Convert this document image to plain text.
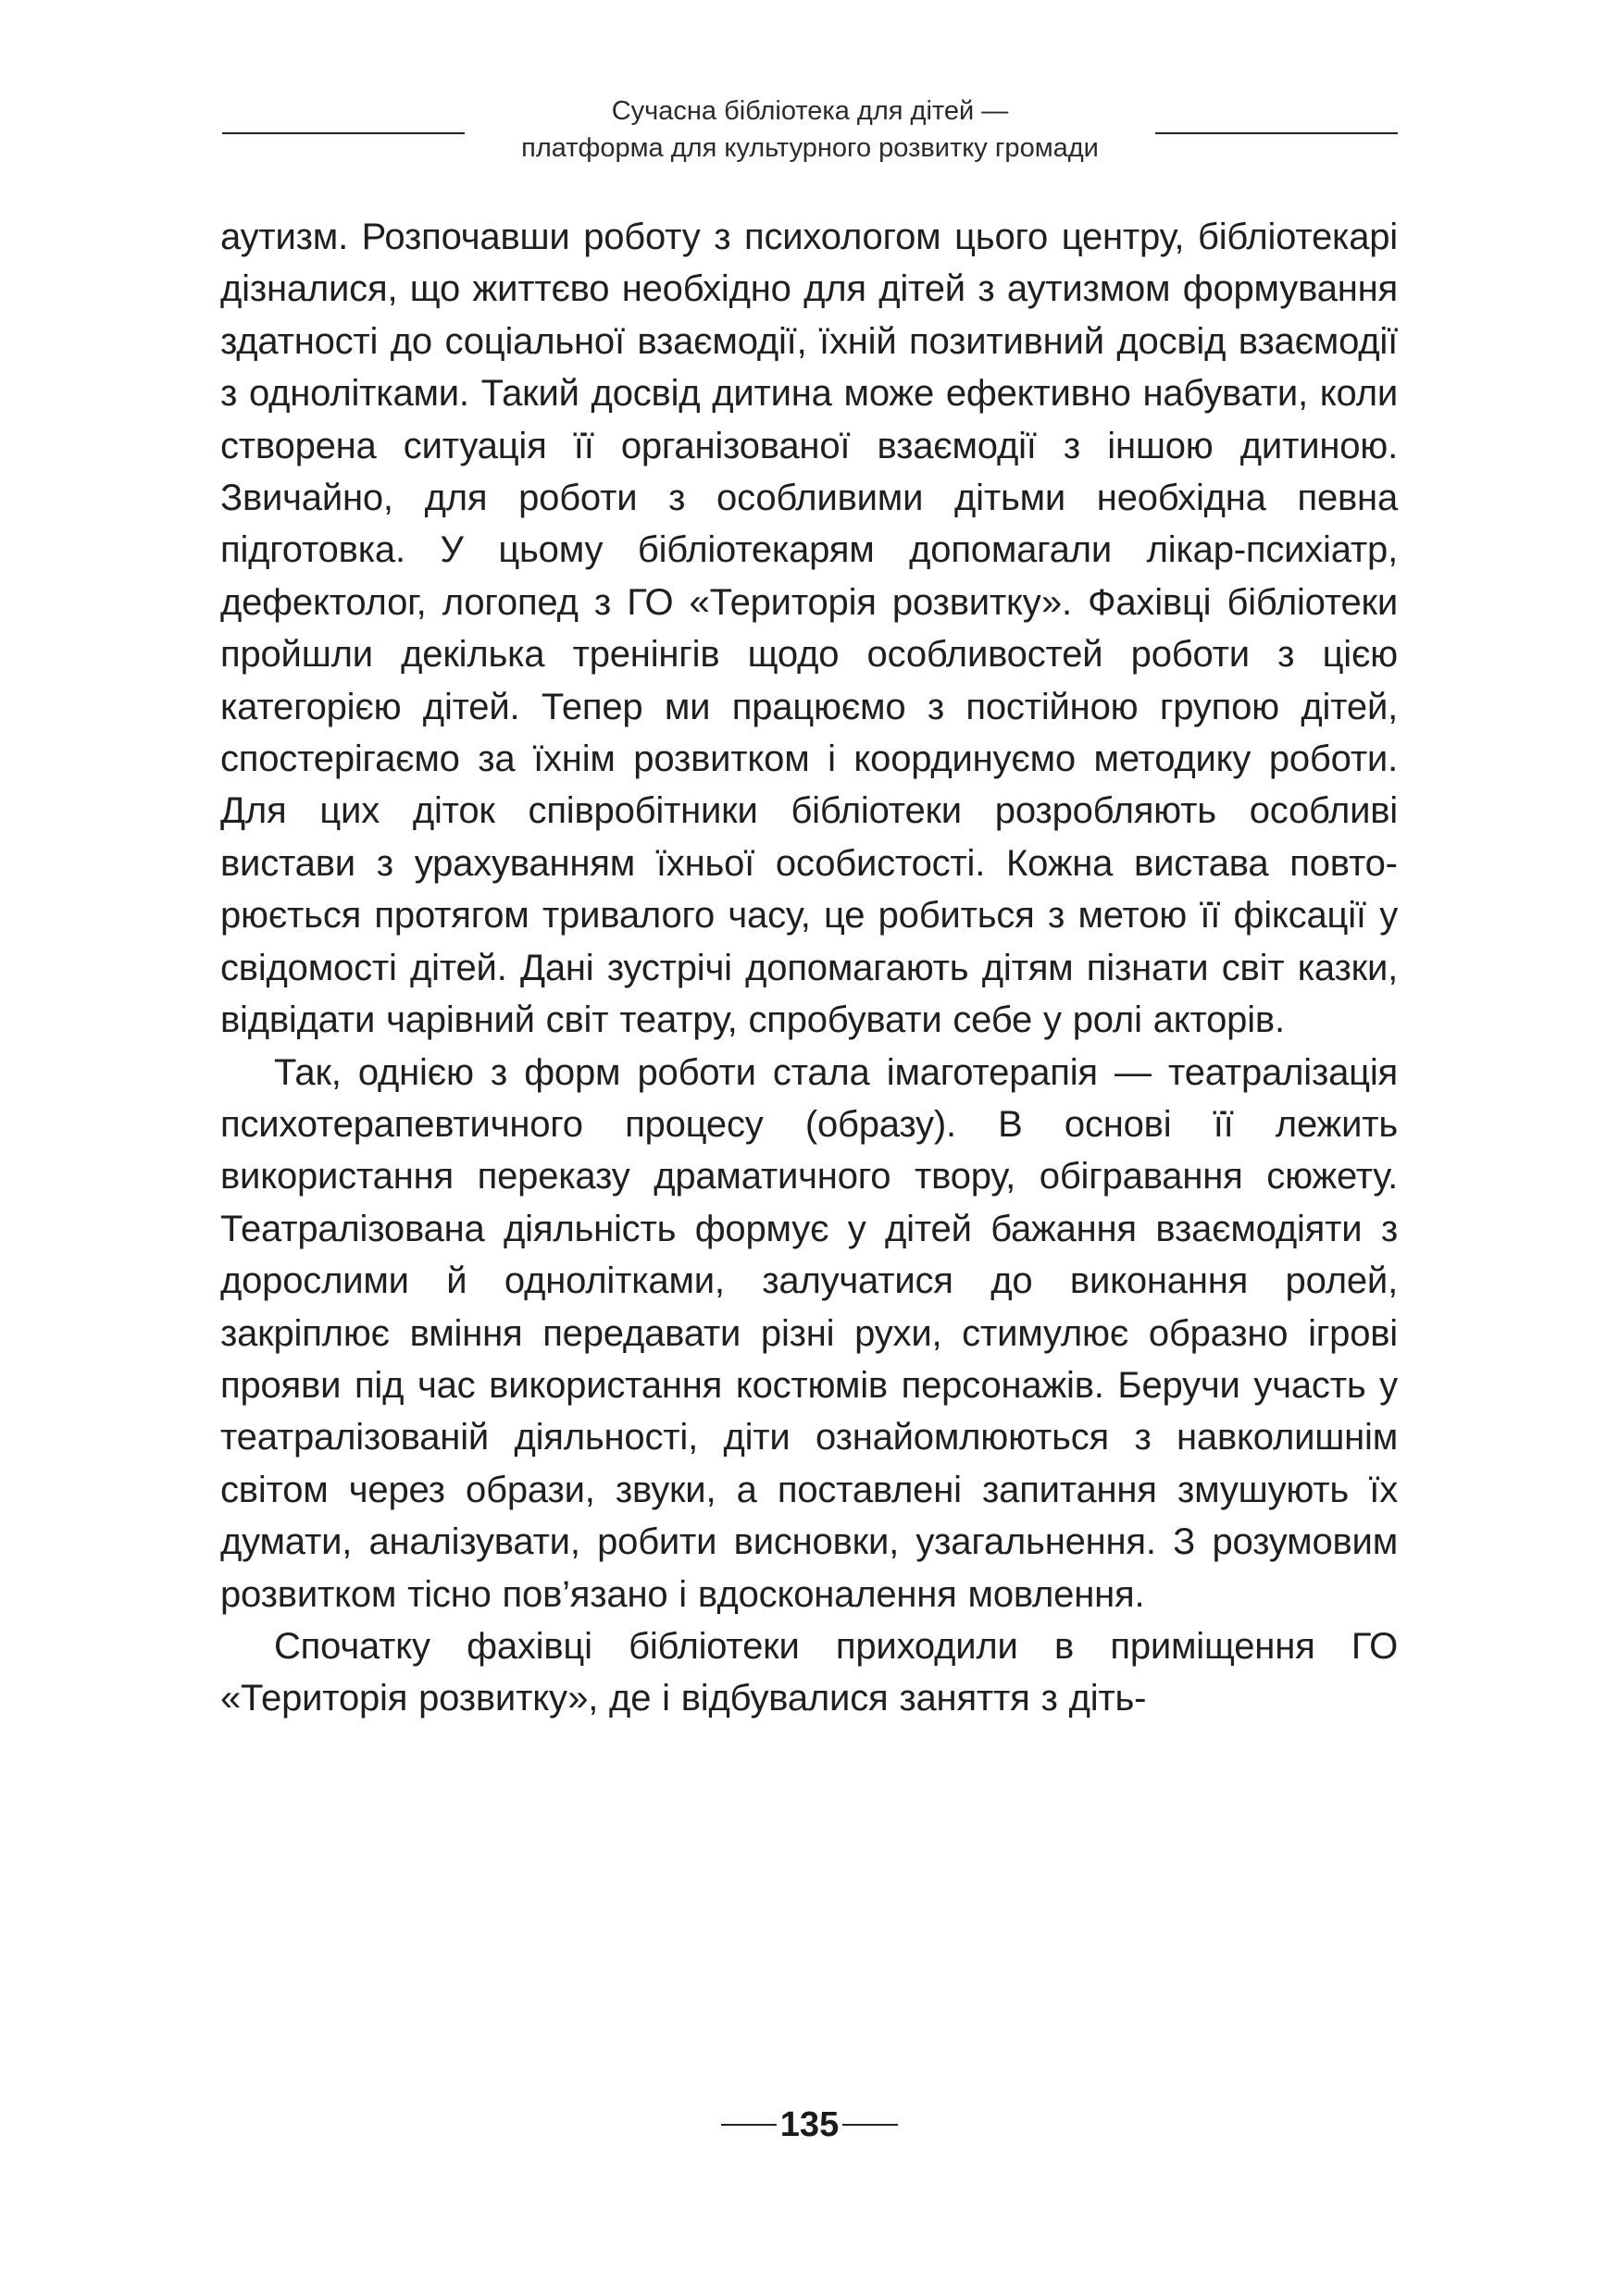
Сучасна бібліотека для дітей —
платформа для культурного розвитку громади

аутизм. Розпочавши роботу з психологом цього центру, бібліотекарі дізналися, що життєво необхідно для дітей з аутизмом формування здатності до соціальної взаємодії, їхній позитивний досвід взаємодії з однолітками. Такий досвід дитина може ефективно набувати, коли створена ситуація її організованої взаємодії з іншою дитиною. Звичайно, для роботи з особливими дітьми необхідна певна підготовка. У цьому бібліотекарям допомагали лікар-психіатр, дефектолог, логопед з ГО «Територія розвитку». Фахівці бібліотеки пройшли декілька тренінгів щодо особливостей роботи з цією категорією дітей. Тепер ми працюємо з постійною групою дітей, спостерігаємо за їхнім розвитком і координуємо методику роботи. Для цих діток співробітники бібліотеки розробляють особливі вистави з урахуванням їхньої особистості. Кожна вистава повторюється протягом тривалого часу, це робиться з метою її фіксації у свідомості дітей. Дані зустрічі допомагають дітям пізнати світ казки, відвідати чарівний світ театру, спробувати себе у ролі акторів.

Так, однією з форм роботи стала імаготерапія — театралізація психотерапевтичного процесу (образу). В основі її лежить використання переказу драматичного твору, обігравання сюжету. Театралізована діяльність формує у дітей бажання взаємодіяти з дорослими й однолітками, залучатися до виконання ролей, закріплює вміння передавати різні рухи, стимулює образно ігрові прояви під час використання костюмів персонажів. Беручи участь у театралізованій діяльності, діти ознайомлюються з навколишнім світом через образи, звуки, а поставлені запитання змушують їх думати, аналізувати, робити висновки, узагальнення. З розумовим розвитком тісно пов’язано і вдосконалення мовлення.

Спочатку фахівці бібліотеки приходили в приміщення ГО «Територія розвитку», де і відбувалися заняття з діть-

135
